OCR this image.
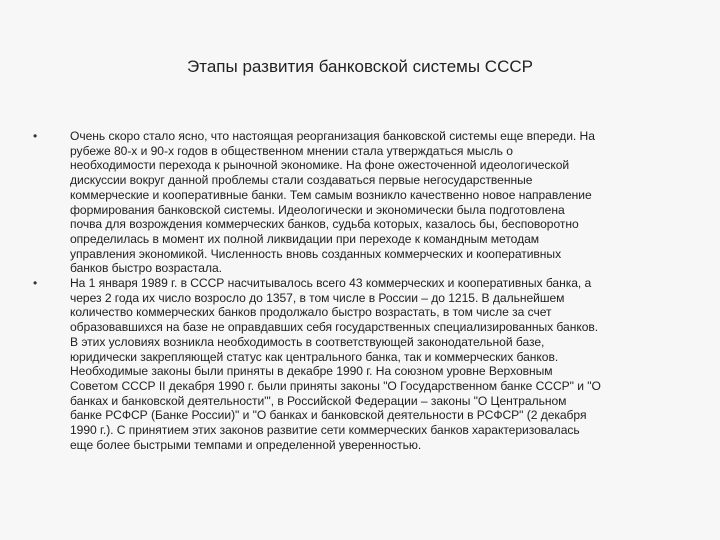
Этапы развития банковской системы СССР
•	Очень скоро стало ясно, что настоящая реорганизация банковской системы еще впереди. На
рубеже 80-х и 90-х годов в общественном мнении стала утверждаться мысль о
необходимости перехода к рыночной экономике. На фоне ожесточенной идеологической
дискуссии вокруг данной проблемы стали создаваться первые негосударственные
коммерческие и кооперативные банки. Тем самым возникло качественно новое направление
формирования банковской системы. Идеологически и экономически была подготовлена
почва для возрождения коммерческих банков, судьба которых, казалось бы, бесповоротно
определилась в момент их полной ликвидации при переходе к командным методам
управления экономикой. Численность вновь созданных коммерческих и кооперативных
банков быстро возрастала.
•	На 1 января 1989 г. в СССР насчитывалось всего 43 коммерческих и кооперативных банка, а
через 2 года их число возросло до 1357, в том числе в России – до 1215. В дальнейшем
количество коммерческих банков продолжало быстро возрастать, в том числе за счет
образовавшихся на базе не оправдавших себя государственных специализированных банков.
В этих условиях возникла необходимость в соответствующей законодательной базе,
юридически закрепляющей статус как центрального банка, так и коммерческих банков.
Необходимые законы были приняты в декабре 1990 г. На союзном уровне Верховным
Советом СССР II декабря 1990 г. были приняты законы "О Государственном банке СССР" и "О
банках и банковской деятельности"', в Российской Федерации – законы "О Центральном
банке РСФСР (Банке России)" и "О банках и банковской деятельности в РСФСР" (2 декабря
1990 г.). С принятием этих законов развитие сети коммерческих банков характеризовалась
еще более быстрыми темпами и определенной уверенностью.
